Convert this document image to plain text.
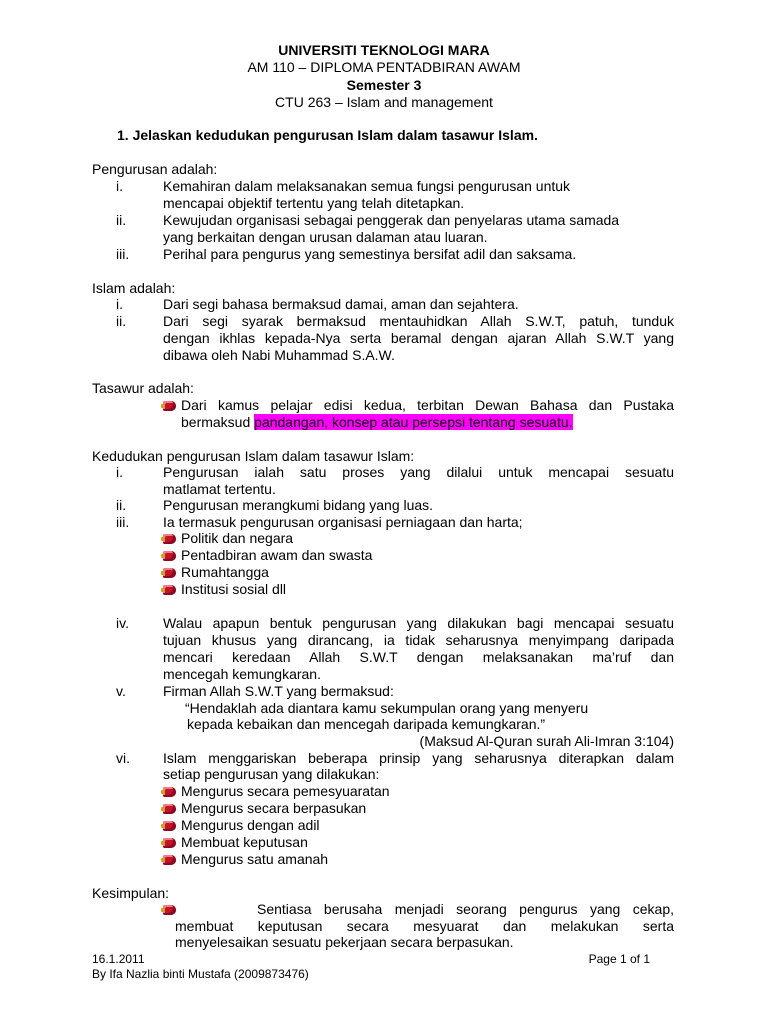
UNIVERSITI TEKNOLOGI MARA
AM 110 – DIPLOMA PENTADBIRAN AWAM
Semester 3
CTU 263 – Islam and management
1. Jelaskan kedudukan pengurusan Islam dalam tasawur Islam.
Pengurusan adalah:
i.	Kemahiran dalam melaksanakan semua fungsi pengurusan untuk
mencapai objektif tertentu yang telah ditetapkan.
ii.	Kewujudan organisasi sebagai penggerak dan penyelaras utama samada
yang berkaitan dengan urusan dalaman atau luaran.
iii. Perihal para pengurus yang semestinya bersifat adil dan saksama.
Islam adalah:
i.	Dari segi bahasa bermaksud damai, aman dan sejahtera.
ii.	Dari segi syarak bermaksud mentauhidkan Allah S.W.T, patuh, tunduk
dengan ikhlas kepada-Nya serta beramal dengan ajaran Allah S.W.T yang
dibawa oleh Nabi Muhammad S.A.W.
Tasawur adalah:
Dari kamus pelajar edisi kedua, terbitan Dewan Bahasa dan Pustaka
bermaksud pandangan, konsep atau persepsi tentang sesuatu.
Kedudukan pengurusan Islam dalam tasawur Islam:
i.	Pengurusan ialah satu proses yang dilalui untuk mencapai sesuatu
matlamat tertentu.
ii.	Pengurusan merangkumi bidang yang luas.
iii. Ia termasuk pengurusan organisasi perniagaan dan harta;
Politik dan negara
Pentadbiran awam dan swasta
Rumahtangga
Institusi sosial dll
iv. Walau apapun bentuk pengurusan yang dilakukan bagi mencapai sesuatu
tujuan khusus yang dirancang, ia tidak seharusnya menyimpang daripada
mencari keredaan Allah S.W.T dengan melaksanakan ma’ruf dan
mencegah kemungkaran.
v.	Firman Allah S.W.T yang bermaksud:
“Hendaklah ada diantara kamu sekumpulan orang yang menyeru
kepada kebaikan dan mencegah daripada kemungkaran.”
(Maksud Al-Quran surah Ali-Imran 3:104)
vi. Islam menggariskan beberapa prinsip yang seharusnya diterapkan dalam
setiap pengurusan yang dilakukan:
Mengurus secara pemesyuaratan
Mengurus secara berpasukan
Mengurus dengan adil
Membuat keputusan
Mengurus satu amanah
Kesimpulan:
Sentiasa berusaha menjadi seorang pengurus yang cekap,
membuat keputusan secara mesyuarat dan melakukan serta
menyelesaikan sesuatu pekerjaan secara berpasukan.
16.1.2011	Page 1 of 1
By Ifa Nazlia binti Mustafa (2009873476)
